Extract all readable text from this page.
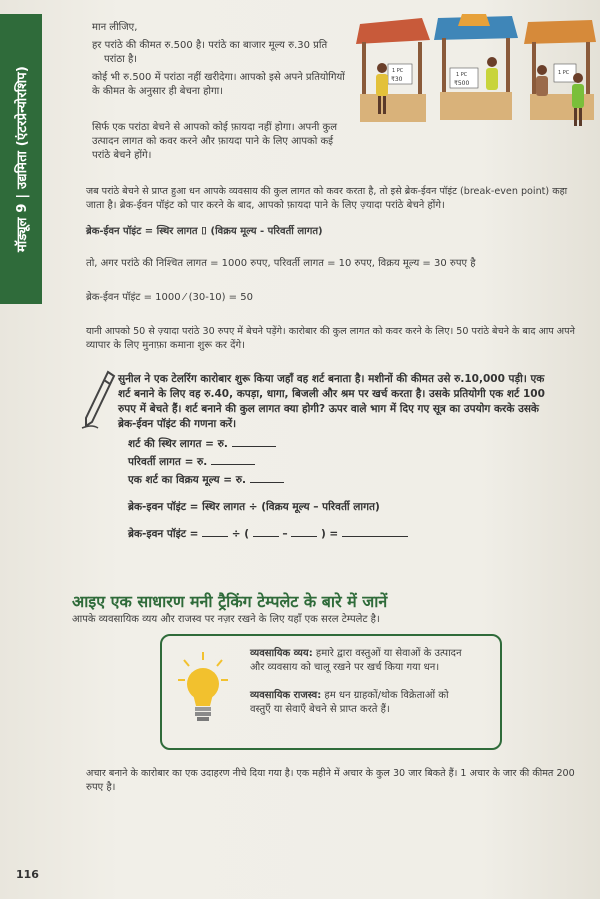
मॉड्यूल 9 | उद्यमिता (एंटरप्रेन्योरशिप)
मान लीजिए,
हर परांठे की कीमत रु.500 है। परांठे का बाजार मूल्य रु.30 प्रति
परांठा है।
कोई भी रु.500 में परांठा नहीं खरीदेगा। आपको इसे अपने प्रतियोगियों
के कीमत के अनुसार ही बेचना होगा।
1 PC
₹30
1 PC
₹500
1 PC
सिर्फ एक परांठा बेचने से आपको कोई फ़ायदा नहीं होगा। अपनी कुल
उत्पादन लागत को कवर करने और फ़ायदा पाने के लिए आपको कई
परांठे बेचने होंगे।
जब परांठे बेचने से प्राप्त हुआ धन आपके व्यवसाय की कुल लागत को कवर करता है, तो इसे ब्रेक-ईवन पॉइंट (break-even point) कहा
जाता है। ब्रेक-ईवन पॉइंट को पार करने के बाद, आपको फ़ायदा पाने के लिए ज़्यादा परांठे बेचने होंगे।
ब्रेक-ईवन पॉइंट = स्थिर लागत ⌷ (विक्रय मूल्य - परिवर्ती लागत)
तो, अगर परांठे की निश्चित लागत = 1000 रुपए, परिवर्ती लागत = 10 रुपए, विक्रय मूल्य = 30 रुपए है
ब्रेक-ईवन पॉइंट = 1000 ⁄ (30-10) = 50
यानी आपको 50 से ज़्यादा परांठे 30 रुपए में बेचने पड़ेंगे। कारोबार की कुल लागत को कवर करने के लिए। 50 परांठे बेचने के बाद आप अपने
व्यापार के लिए मुनाफ़ा कमाना शुरू कर देंगे।
सुनील ने एक टेलरिंग कारोबार शुरू किया जहाँ वह शर्ट बनाता है। मशीनों की कीमत उसे रु.10,000 पड़ी। एक
शर्ट बनाने के लिए वह रु.40, कपड़ा, धागा, बिजली और श्रम पर खर्च करता है। उसके प्रतियोगी एक शर्ट 100
रुपए में बेचते हैं। शर्ट बनाने की कुल लागत क्या होगी? ऊपर वाले भाग में दिए गए सूत्र का उपयोग करके उसके
ब्रेक-ईवन पॉइंट की गणना करें।
शर्ट की स्थिर लागत = रु.
परिवर्ती लागत = रु.
एक शर्ट का विक्रय मूल्य = रु.
ब्रेक-इवन पॉइंट = स्थिर लागत ÷ (विक्रय मूल्य – परिवर्ती लागत)
ब्रेक-इवन पॉइंट =	÷ (	–	) =
आइए एक साधारण मनी ट्रैकिंग टेम्पलेट के बारे में जानें
आपके व्यवसायिक व्यय और राजस्व पर नज़र रखने के लिए यहाँ एक सरल टेम्पलेट है।
व्यवसायिक व्यय: हमारे द्वारा वस्तुओं या सेवाओं के उत्पादन
और व्यवसाय को चालू रखने पर खर्च किया गया धन।
व्यवसायिक राजस्व: हम धन ग्राहकों/थोक विक्रेताओं को
वस्तुएँ या सेवाएँ बेचने से प्राप्त करते हैं।
अचार बनाने के कारोबार का एक उदाहरण नीचे दिया गया है। एक महीने में अचार के कुल 30 जार बिकते हैं। 1 अचार के जार की कीमत 200
रुपए है।
116
